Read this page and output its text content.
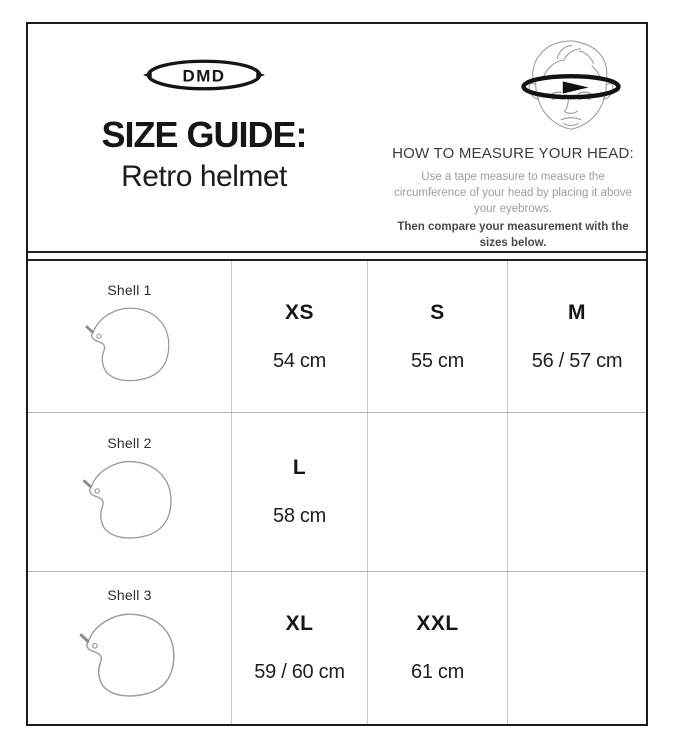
DMD
SIZE GUIDE:
Retro helmet
HOW TO MEASURE YOUR HEAD:
Use a tape measure to measure the circumference of your head by placing it above your eyebrows.
Then compare your measurement with the sizes below.
Shell 1
XS
54 cm
S
55 cm
M
56 / 57 cm
Shell 2
L
58 cm
Shell 3
XL
59 / 60 cm
XXL
61 cm
